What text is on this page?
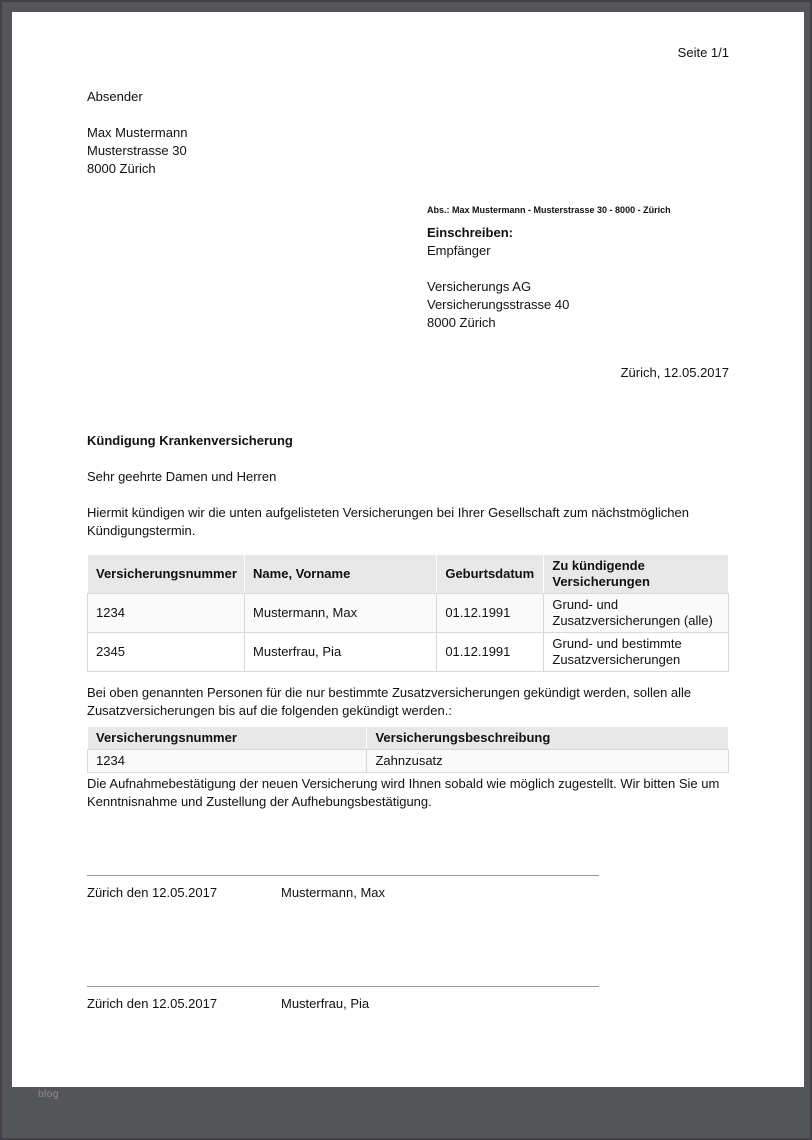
Seite 1/1
Absender
Max Mustermann
Musterstrasse 30
8000 Zürich
Abs.: Max Mustermann - Musterstrasse 30 - 8000 - Zürich
Einschreiben:
Empfänger
Versicherungs AG
Versicherungsstrasse 40
8000 Zürich
Zürich, 12.05.2017
Kündigung Krankenversicherung
Sehr geehrte Damen und Herren

Hiermit kündigen wir die unten aufgelisteten Versicherungen bei Ihrer Gesellschaft zum nächstmöglichen Kündigungstermin.

Versicherungsnummer	Name, Vorname	Geburtsdatum	Zu kündigende Versicherungen
1234	Mustermann, Max	01.12.1991	Grund- und Zusatzversicherungen (alle)
2345	Musterfrau, Pia	01.12.1991	Grund- und bestimmte Zusatzversicherungen

Bei oben genannten Personen für die nur bestimmte Zusatzversicherungen gekündigt werden, sollen alle Zusatzversicherungen bis auf die folgenden gekündigt werden.:

Versicherungsnummer	Versicherungsbeschreibung
1234	Zahnzusatz

Die Aufnahmebestätigung der neuen Versicherung wird Ihnen sobald wie möglich zugestellt. Wir bitten Sie um Kenntnisnahme und Zustellung der Aufhebungsbestätigung.

Zürich den 12.05.2017	Mustermann, Max
Zürich den 12.05.2017	Musterfrau, Pia
blog
